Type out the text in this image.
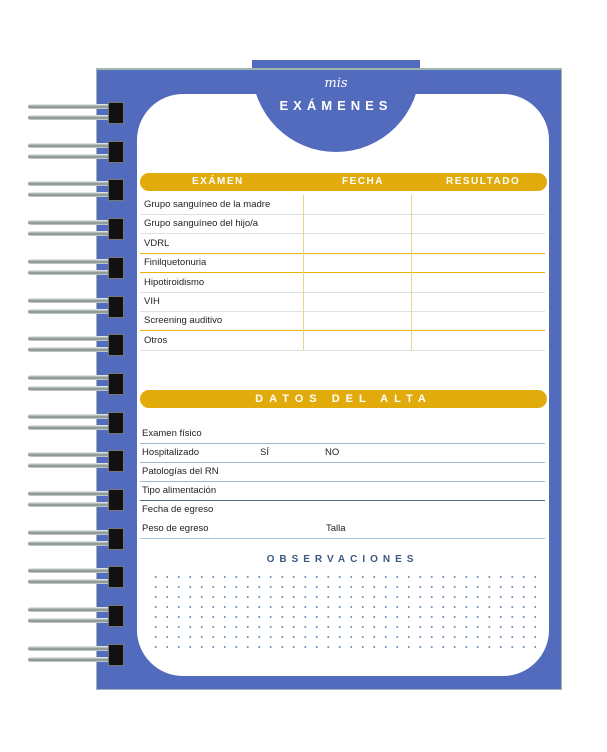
mis
EXÁMENES
EXÁMEN	FECHA	RESULTADO
Grupo sanguíneo de la madre
Grupo sanguíneo del hijo/a
VDRL
Finilquetonuria
Hipotiroidismo
VIH
Screening auditivo
Otros
DATOS DEL ALTA
Examen físico
Hospitalizado	SÍ	NO
Patologías del RN
Tipo alimentación
Fecha de egreso
Peso de egreso	Talla
OBSERVACIONES
